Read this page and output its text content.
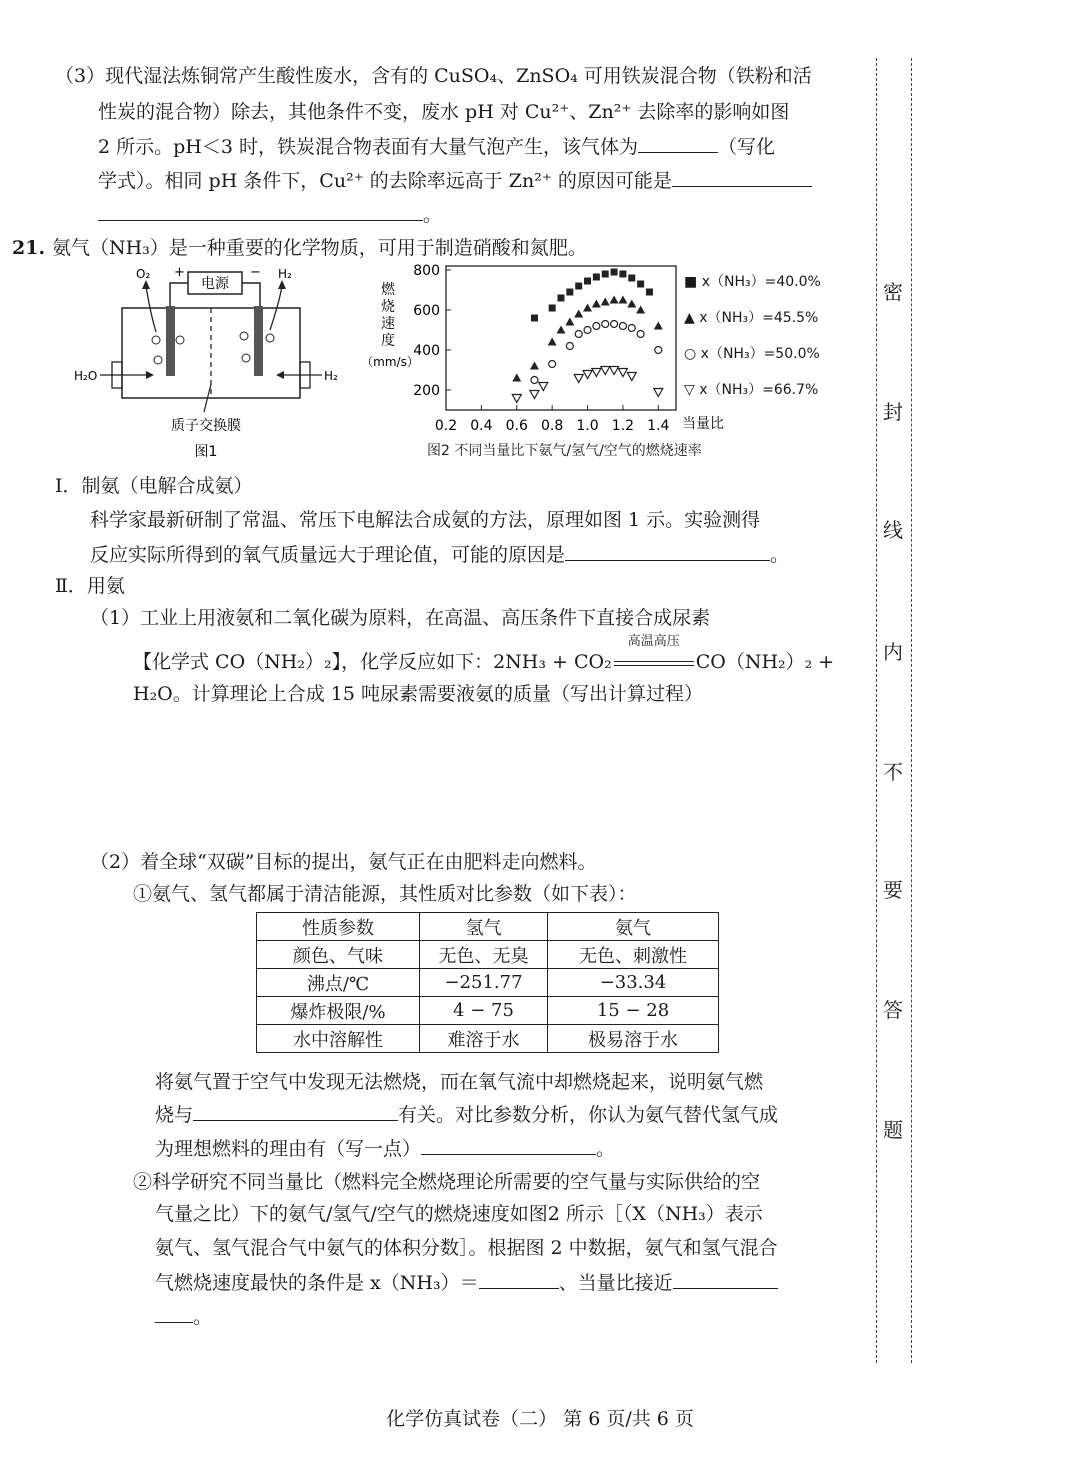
（3）现代湿法炼铜常产生酸性废水，含有的 CuSO₄、ZnSO₄ 可用铁炭混合物（铁粉和活
性炭的混合物）除去，其他条件不变，废水 pH 对 Cu²⁺、Zn²⁺ 去除率的影响如图
2 所示。pH＜3 时，铁炭混合物表面有大量气泡产生，该气体为	（写化
学式）。相同 pH 条件下，Cu²⁺ 的去除率远高于 Zn²⁺ 的原因可能是
。
21. 氨气（NH₃）是一种重要的化学物质，可用于制造硝酸和氮肥。
电源
+	−
O₂	H₂
H₂O	H₂
质子交换膜
图1
200
400
600
800
0.2 0.4 0.6 0.8 1.0 1.2 1.4 当量比
燃
烧
速
度
（mm/s）
图2 不同当量比下氨气/氢气/空气的燃烧速率
■ x（NH₃）=40.0%
▲ x（NH₃）=45.5%
○ x（NH₃）=50.0%
▽ x（NH₃）=66.7%
Ⅰ．制氨（电解合成氨）
科学家最新研制了常温、常压下电解法合成氨的方法，原理如图 1 示。实验测得
反应实际所得到的氧气质量远大于理论值，可能的原因是	。
Ⅱ．用氨
（1）工业上用液氨和二氧化碳为原料，在高温、高压条件下直接合成尿素
【化学式 CO（NH₂）₂】，化学反应如下：2NH₃ + CO₂
高温高压
CO（NH₂）₂ +
H₂O。计算理论上合成 15 吨尿素需要液氨的质量（写出计算过程）
（2）着全球“双碳”目标的提出，氨气正在由肥料走向燃料。
①氨气、氢气都属于清洁能源，其性质对比参数（如下表）：
性质参数	氢气	氨气
颜色、气味	无色、无臭	无色、刺激性
沸点/℃	−251.77	−33.34
爆炸极限/%	4 − 75	15 − 28
水中溶解性	难溶于水	极易溶于水
将氨气置于空气中发现无法燃烧，而在氧气流中却燃烧起来，说明氨气燃
烧与	有关。对比参数分析，你认为氨气替代氢气成
为理想燃料的理由有（写一点）	。
②科学研究不同当量比（燃料完全燃烧理论所需要的空气量与实际供给的空
气量之比）下的氨气/氢气/空气的燃烧速度如图2 所示［（X（NH₃）表示
氨气、氢气混合气中氨气的体积分数］。根据图 2 中数据，氨气和氢气混合
气燃烧速度最快的条件是 x（NH₃）＝	、当量比接近
。
密
封
线
内
不
要
答
题
化学仿真试卷（二） 第 6 页/共 6 页
